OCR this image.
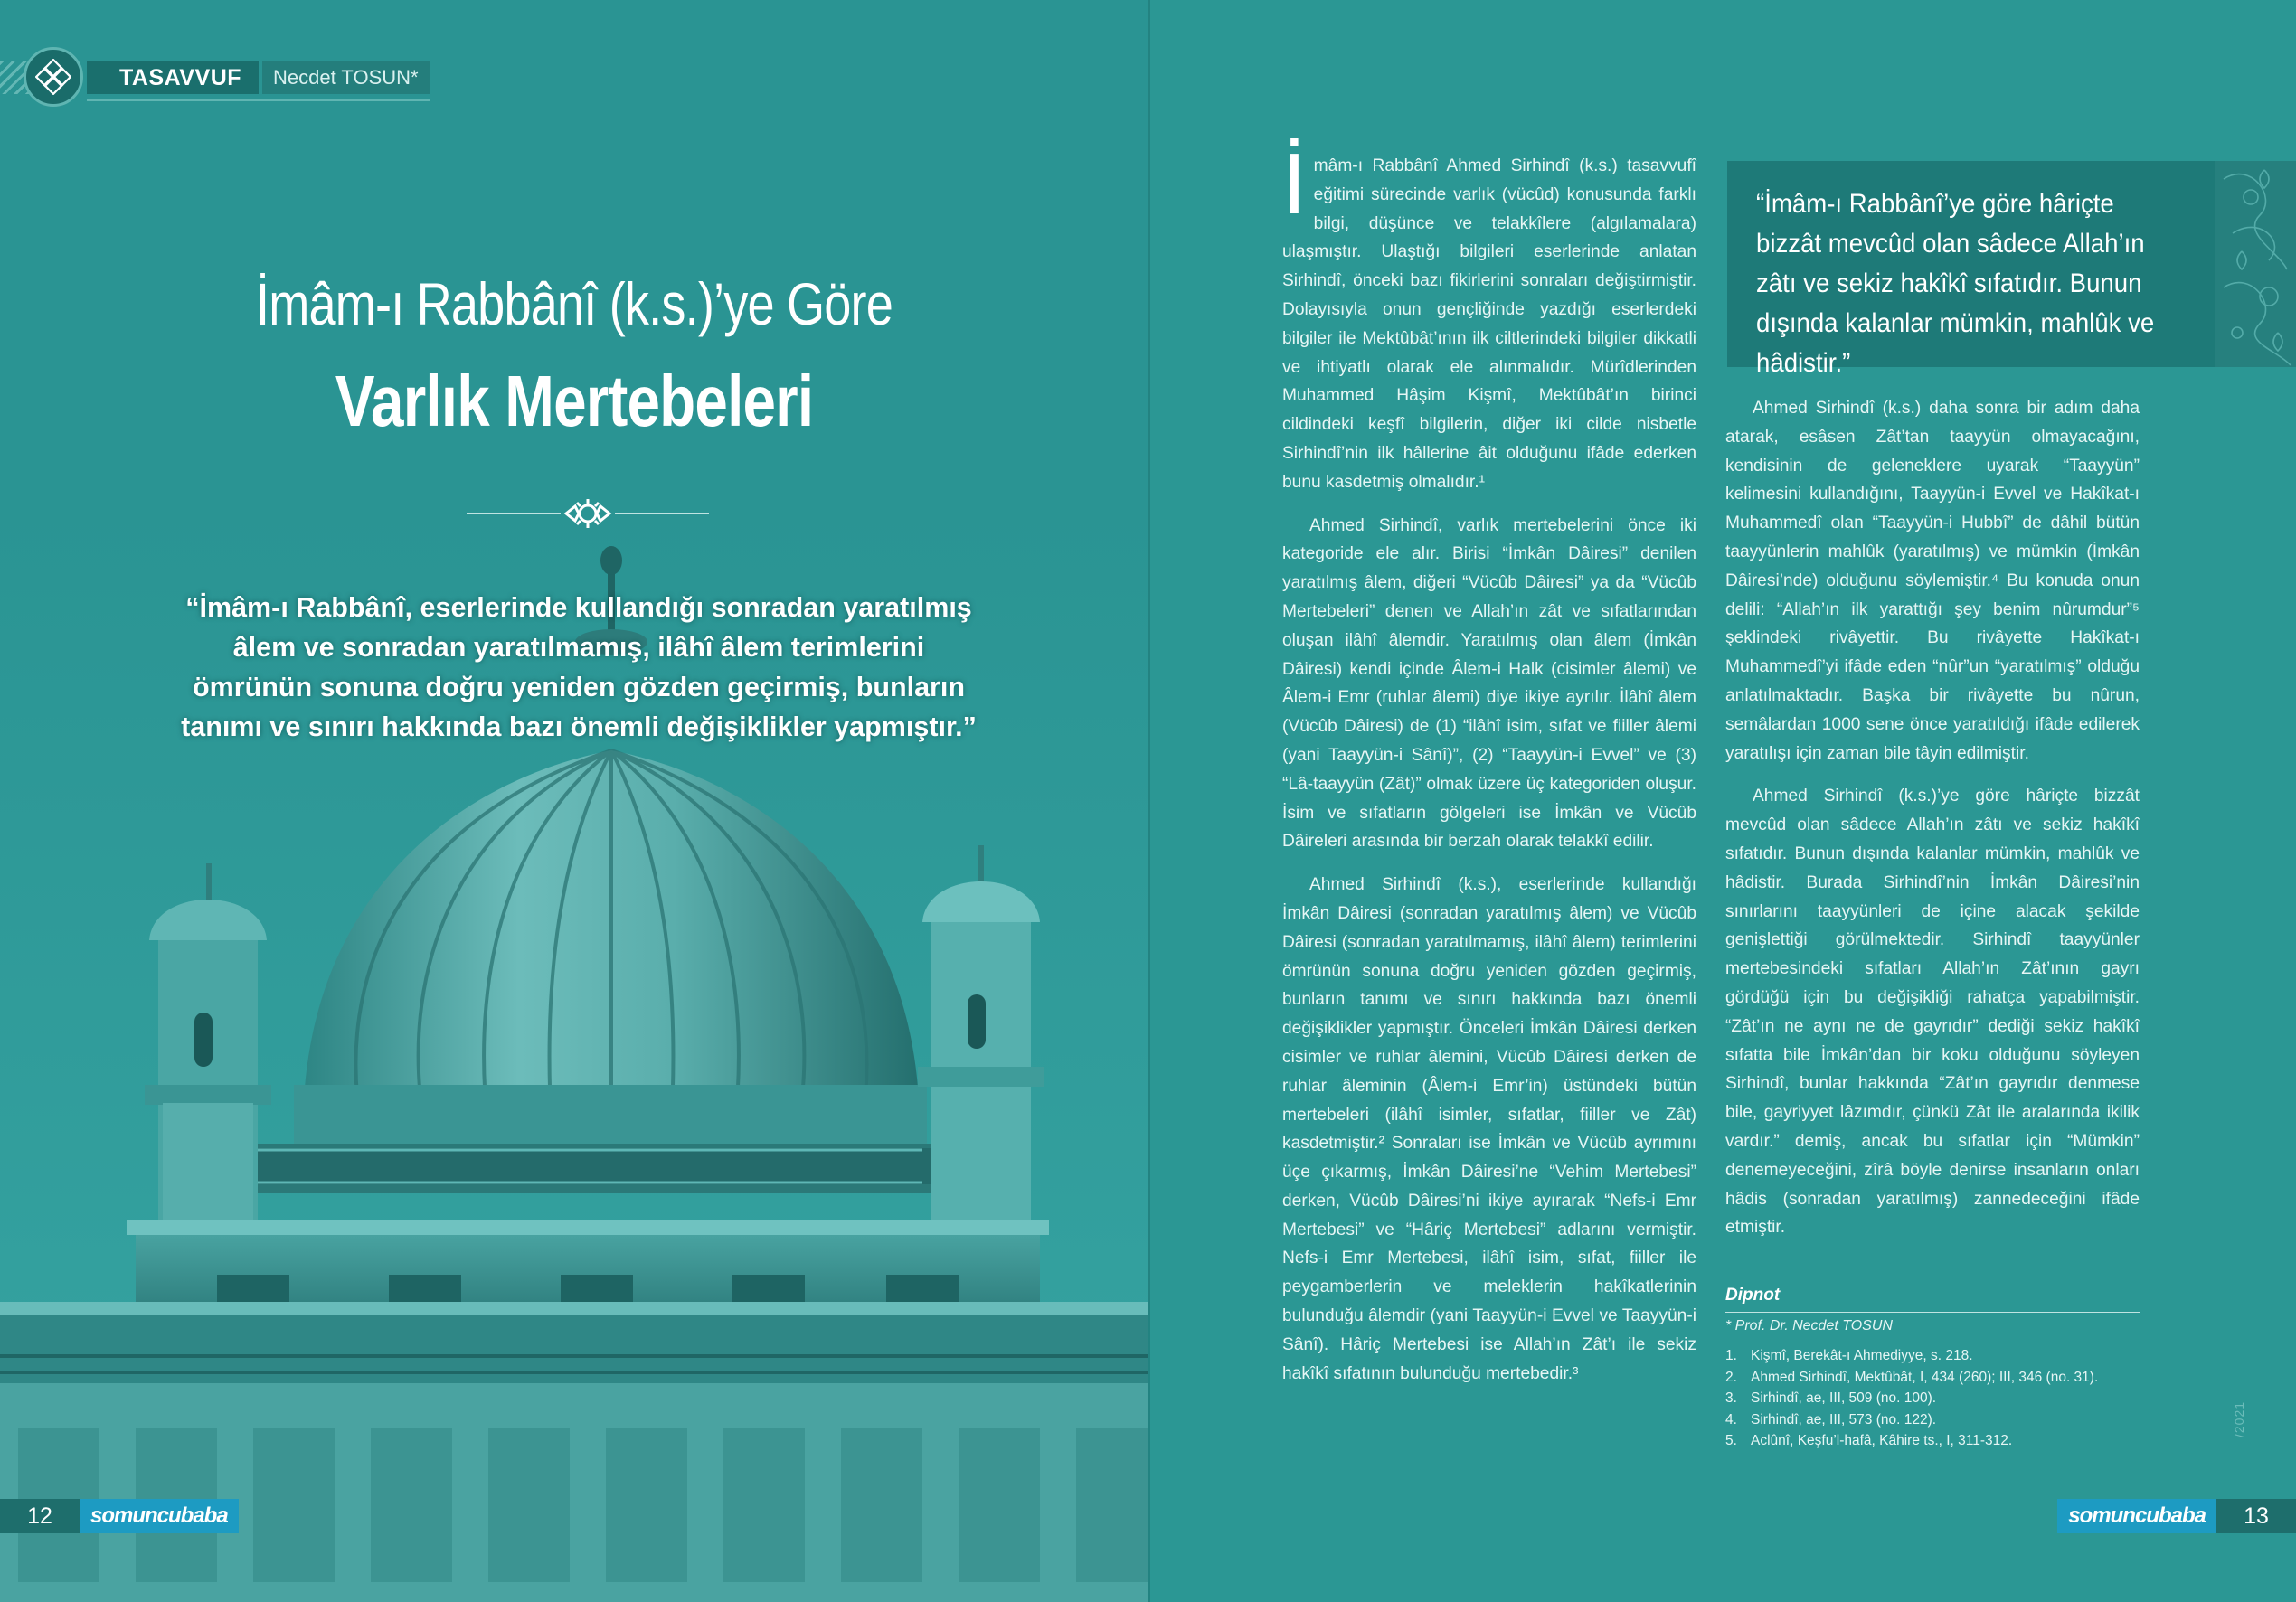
TASAVVUF	Necdet TOSUN*
İmâm-ı Rabbânî (k.s.)’ye Göre
Varlık Mertebeleri

“İmâm-ı Rabbânî, eserlerinde kullandığı sonradan yaratılmış âlem ve sonradan yaratılmamış, ilâhî âlem terimlerini ömrünün sonuna doğru yeniden gözden geçirmiş, bunların tanımı ve sınırı hakkında bazı önemli değişiklikler yapmıştır.”

12	somuncubaba

İmâm-ı Rabbânî Ahmed Sirhindî (k.s.) tasavvufî eğitimi sürecinde varlık (vücûd) konusunda farklı bilgi, düşünce ve telakkîlere (algılamalara) ulaşmıştır. Ulaştığı bilgileri eserlerinde anlatan Sirhindî, önceki bazı fikirlerini sonraları değiştirmiştir. Dolayısıyla onun gençliğinde yazdığı eserlerdeki bilgiler ile Mektûbât’ının ilk ciltlerindeki bilgiler dikkatli ve ihtiyatlı olarak ele alınmalıdır. Mürîdlerinden Muhammed Hâşim Kişmî, Mektûbât’ın birinci cildindeki keşfî bilgilerin, diğer iki cilde nisbetle Sirhindî’nin ilk hâllerine âit olduğunu ifâde ederken bunu kasdetmiş olmalıdır.¹

Ahmed Sirhindî, varlık mertebelerini önce iki kategoride ele alır. Birisi “İmkân Dâiresi” denilen yaratılmış âlem, diğeri “Vücûb Dâiresi” ya da “Vücûb Mertebeleri” denen ve Allah’ın zât ve sıfatlarından oluşan ilâhî âlemdir. Yaratılmış olan âlem (İmkân Dâiresi) kendi içinde Âlem-i Halk (cisimler âlemi) ve Âlem-i Emr (ruhlar âlemi) diye ikiye ayrılır. İlâhî âlem (Vücûb Dâiresi) de (1) “ilâhî isim, sıfat ve fiiller âlemi (yani Taayyün-i Sânî)”, (2) “Taayyün-i Evvel” ve (3) “Lâ-taayyün (Zât)” olmak üzere üç kategoriden oluşur. İsim ve sıfatların gölgeleri ise İmkân ve Vücûb Dâireleri arasında bir berzah olarak telakkî edilir.

Ahmed Sirhindî (k.s.), eserlerinde kullandığı İmkân Dâiresi (sonradan yaratılmış âlem) ve Vücûb Dâiresi (sonradan yaratılmamış, ilâhî âlem) terimlerini ömrünün sonuna doğru yeniden gözden geçirmiş, bunların tanımı ve sınırı hakkında bazı önemli değişiklikler yapmıştır. Önceleri İmkân Dâiresi derken cisimler ve ruhlar âlemini, Vücûb Dâiresi derken de ruhlar âleminin (Âlem-i Emr’in) üstündeki bütün mertebeleri (ilâhî isimler, sıfatlar, fiiller ve Zât) kasdetmiştir.² Sonraları ise İmkân ve Vücûb ayrımını üçe çıkarmış, İmkân Dâiresi’ne “Vehim Mertebesi” derken, Vücûb Dâiresi’ni ikiye ayırarak “Nefs-i Emr Mertebesi” ve “Hâriç Mertebesi” adlarını vermiştir. Nefs-i Emr Mertebesi, ilâhî isim, sıfat, fiiller ile peygamberlerin ve meleklerin hakîkatlerinin bulunduğu âlemdir (yani Taayyün-i Evvel ve Taayyün-i Sânî). Hâriç Mertebesi ise Allah’ın Zât’ı ile sekiz hakîkî sıfatının bulunduğu mertebedir.³

“İmâm-ı Rabbânî’ye göre hâriçte bizzât mevcûd olan sâdece Allah’ın zâtı ve sekiz hakîkî sıfatıdır. Bunun dışında kalanlar mümkin, mahlûk ve hâdistir.”

Ahmed Sirhindî (k.s.) daha sonra bir adım daha atarak, esâsen Zât’tan taayyün olmayacağını, kendisinin de geleneklere uyarak “Taayyün” kelimesini kullandığını, Taayyün-i Evvel ve Hakîkat-ı Muhammedî olan “Taayyün-i Hubbî” de dâhil bütün taayyünlerin mahlûk (yaratılmış) ve mümkin (İmkân Dâiresi’nde) olduğunu söylemiştir.⁴ Bu konuda onun delili: “Allah’ın ilk yarattığı şey benim nûrumdur”⁵ şeklindeki rivâyettir. Bu rivâyette Hakîkat-ı Muhammedî’yi ifâde eden “nûr”un “yaratılmış” olduğu anlatılmaktadır. Başka bir rivâyette bu nûrun, semâlardan 1000 sene önce yaratıldığı ifâde edilerek yaratılışı için zaman bile tâyin edilmiştir.

Ahmed Sirhindî (k.s.)’ye göre hâriçte bizzât mevcûd olan sâdece Allah’ın zâtı ve sekiz hakîkî sıfatıdır. Bunun dışında kalanlar mümkin, mahlûk ve hâdistir. Burada Sirhindî’nin İmkân Dâiresi’nin sınırlarını taayyünleri de içine alacak şekilde genişlettiği görülmektedir. Sirhindî taayyünler mertebesindeki sıfatları Allah’ın Zât’ının gayrı gördüğü için bu değişikliği rahatça yapabilmiştir. “Zât’ın ne aynı ne de gayrıdır” dediği sekiz hakîkî sıfatta bile İmkân’dan bir koku olduğunu söyleyen Sirhindî, bunlar hakkında “Zât’ın gayrıdır denmese bile, gayriyyet lâzımdır, çünkü Zât ile aralarında ikilik vardır.” demiş, ancak bu sıfatlar için “Mümkin” denemeyeceğini, zîrâ böyle denirse insanların onları hâdis (sonradan yaratılmış) zannedeceğini ifâde etmiştir.

Dipnot
* Prof. Dr. Necdet TOSUN
1. Kişmî, Berekât-ı Ahmediyye, s. 218.
2. Ahmed Sirhindî, Mektûbât, I, 434 (260); III, 346 (no. 31).
3. Sirhindî, ae, III, 509 (no. 100).
4. Sirhindî, ae, III, 573 (no. 122).
5. Aclûnî, Keşfu’l-hafâ, Kâhire ts., I, 311-312.
/2021
somuncubaba	13
